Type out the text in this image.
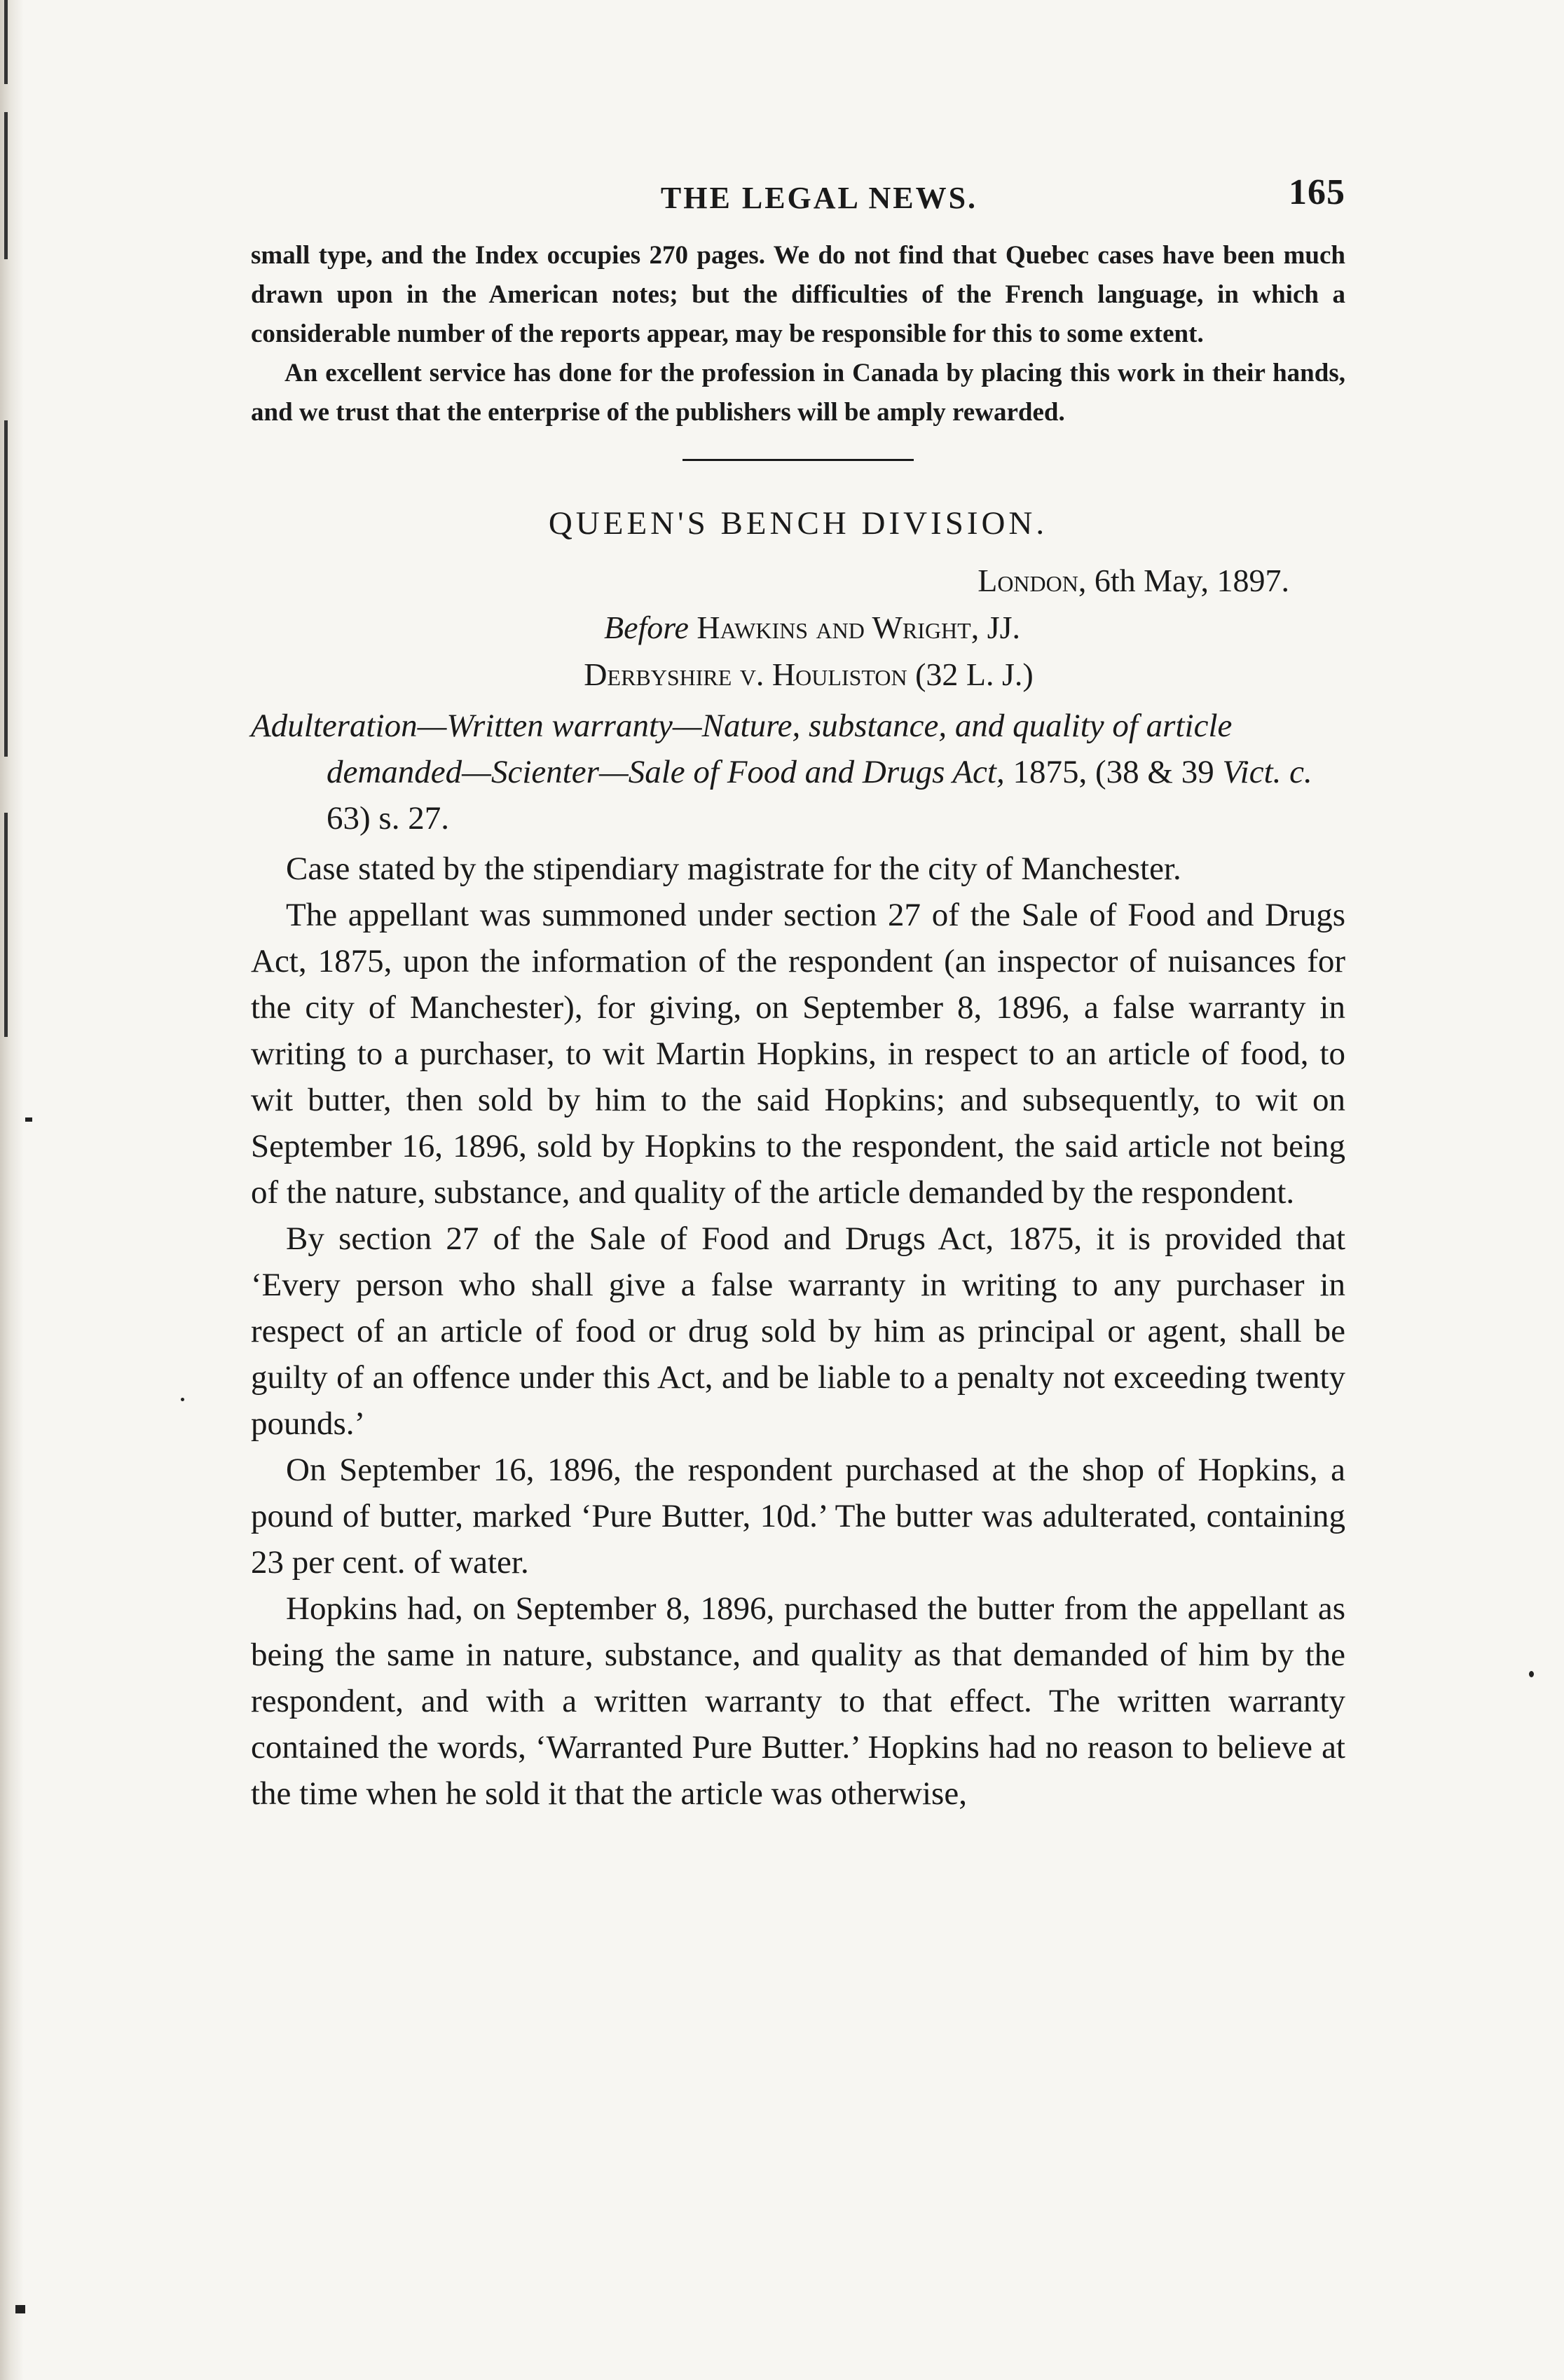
THE LEGAL NEWS.	165

small type, and the Index occupies 270 pages. We do not find that Quebec cases have been much drawn upon in the American notes; but the difficulties of the French language, in which a considerable number of the reports appear, may be responsible for this to some extent.

An excellent service has done for the profession in Canada by placing this work in their hands, and we trust that the enterprise of the publishers will be amply rewarded.

QUEEN'S BENCH DIVISION.
London, 6th May, 1897.
Before Hawkins and Wright, JJ.
Derbyshire v. Houliston (32 L. J.)
Adulteration—Written warranty—Nature, substance, and quality of article demanded—Scienter—Sale of Food and Drugs Act, 1875, (38 & 39 Vict. c. 63) s. 27.

Case stated by the stipendiary magistrate for the city of Manchester.

The appellant was summoned under section 27 of the Sale of Food and Drugs Act, 1875, upon the information of the respondent (an inspector of nuisances for the city of Manchester), for giving, on September 8, 1896, a false warranty in writing to a purchaser, to wit Martin Hopkins, in respect to an article of food, to wit butter, then sold by him to the said Hopkins; and subsequently, to wit on September 16, 1896, sold by Hopkins to the respondent, the said article not being of the nature, substance, and quality of the article demanded by the respondent.

By section 27 of the Sale of Food and Drugs Act, 1875, it is provided that ‘Every person who shall give a false warranty in writing to any purchaser in respect of an article of food or drug sold by him as principal or agent, shall be guilty of an offence under this Act, and be liable to a penalty not exceeding twenty pounds.’

On September 16, 1896, the respondent purchased at the shop of Hopkins, a pound of butter, marked ‘Pure Butter, 10d.’ The butter was adulterated, containing 23 per cent. of water.

Hopkins had, on September 8, 1896, purchased the butter from the appellant as being the same in nature, substance, and quality as that demanded of him by the respondent, and with a written warranty to that effect. The written warranty contained the words, ‘Warranted Pure Butter.’ Hopkins had no reason to believe at the time when he sold it that the article was otherwise,
